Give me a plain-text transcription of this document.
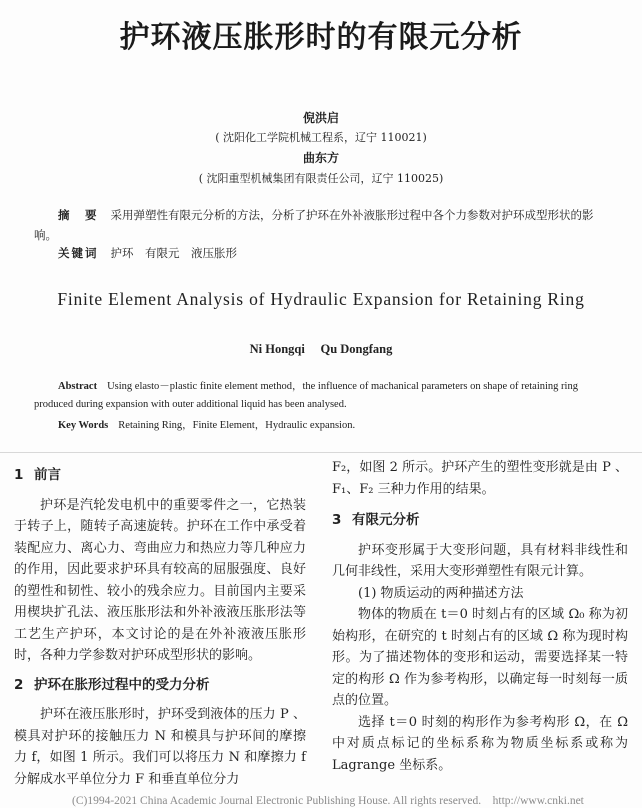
护环液压胀形时的有限元分析
倪洪启
( 沈阳化工学院机械工程系，辽宁 110021)
曲东方
( 沈阳重型机械集团有限责任公司，辽宁 110025)
摘　要 采用弹塑性有限元分析的方法，分析了护环在外补液胀形过程中各个力参数对护环成型形状的影响。
关键词 护环　有限元　液压胀形
Finite Element Analysis of Hydraulic Expansion for Retaining Ring
Ni Hongqi　 Qu Dongfang
Abstract Using elasto－plastic finite element method，the influence of machanical parameters on shape of retaining ring produced during expansion with outer additional liquid has been analysed.
Key Words Retaining Ring，Finite Element，Hydraulic expansion.
1 前言

护环是汽轮发电机中的重要零件之一，它热装于转子上，随转子高速旋转。护环在工作中承受着装配应力、离心力、弯曲应力和热应力等几种应力的作用，因此要求护环具有较高的屈服强度、良好的塑性和韧性、较小的残余应力。目前国内主要采用楔块扩孔法、液压胀形法和外补液液压胀形法等工艺生产护环，本文讨论的是在外补液液压胀形时，各种力学参数对护环成型形状的影响。

2 护环在胀形过程中的受力分析

护环在液压胀形时，护环受到液体的压力 P 、模具对护环的接触压力 N 和模具与护环间的摩擦力 f，如图 1 所示。我们可以将压力 N 和摩擦力 f 分解成水平单位分力 F 和垂直单位分力

F₂，如图 2 所示。护环产生的塑性变形就是由 P 、F₁、F₂ 三种力作用的结果。

3 有限元分析

护环变形属于大变形问题，具有材料非线性和几何非线性，采用大变形弹塑性有限元计算。

(1) 物质运动的两种描述方法

物体的物质在 t＝0 时刻占有的区域 Ω₀ 称为初始构形，在研究的 t 时刻占有的区域 Ω 称为现时构形。为了描述物体的变形和运动，需要选择某一特定的构形 Ω 作为参考构形，以确定每一时刻每一质点的位置。

选择 t＝0 时刻的构形作为参考构形 Ω，在 Ω 中对质点标记的坐标系称为物质坐标系或称为 Lagrange 坐标系。

(C)1994-2021 China Academic Journal Electronic Publishing House. All rights reserved.　http://www.cnki.net
